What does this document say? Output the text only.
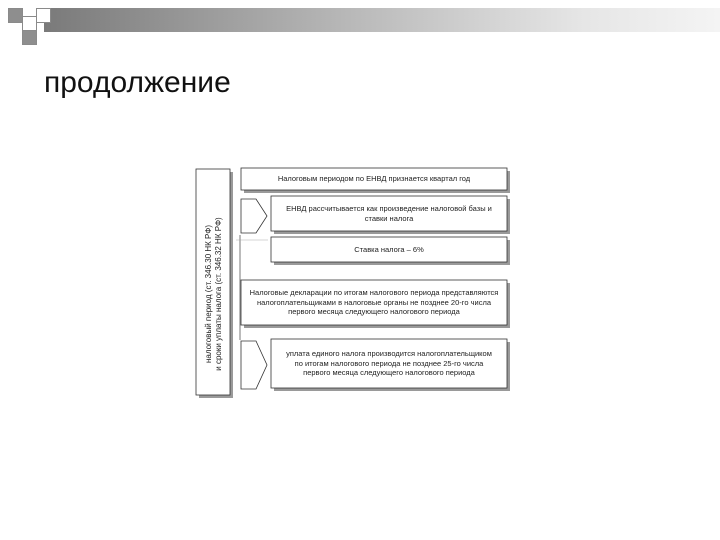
продолжение
налоговый период (ст. 346.30 НК РФ) и сроки уплаты налога (ст. 346.32 НК РФ)
Налоговым периодом по ЕНВД признается квартал год
ЕНВД рассчитывается как произведение налоговой базы и ставки налога
Ставка налога – 6%
Налоговые декларации по итогам налогового периода представляются налогоплательщиками в налоговые органы не позднее 20-го числа первого месяца следующего налогового периода
уплата единого налога производится налогоплательщиком по итогам налогового периода не позднее 25-го числа первого месяца следующего налогового периода
